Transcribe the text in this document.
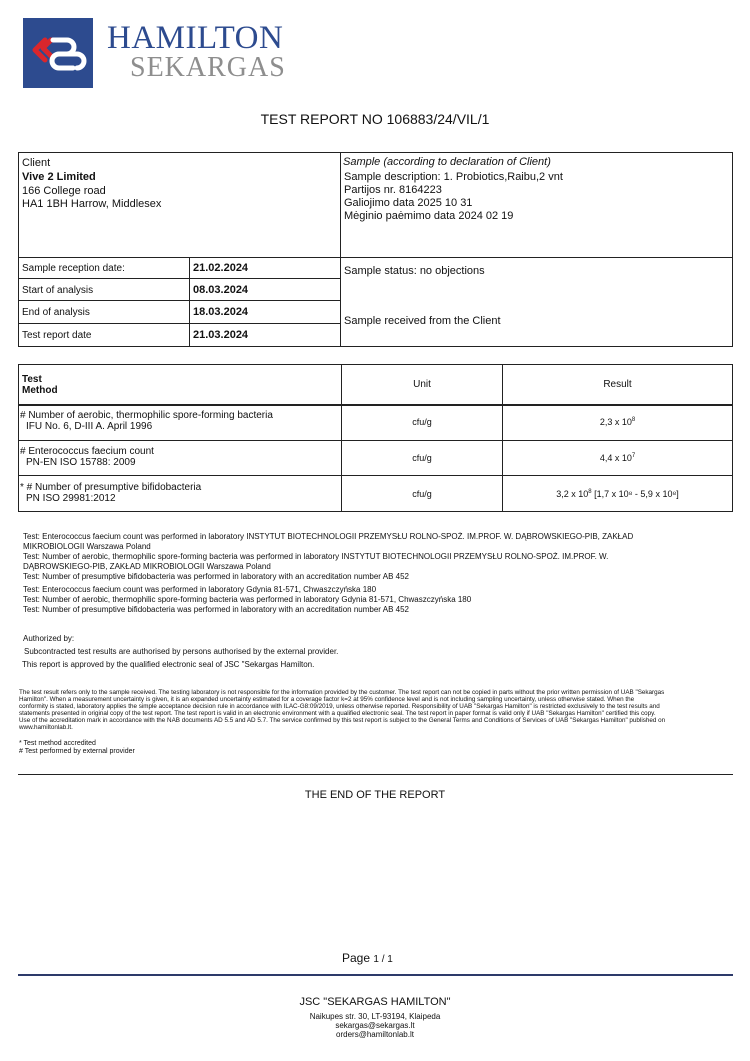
HAMILTON
SEKARGAS
TEST REPORT NO 106883/24/VIL/1
Client
Vive 2 Limited
166 College road
HA1 1BH Harrow, Middlesex
Sample (according to declaration of Client)
Sample description: 1. Probiotics,Raibu,2 vnt
Partijos nr. 8164223
Galiojimo data 2025 10 31
Mėginio paėmimo data 2024 02 19
Sample reception date:	21.02.2024
Start of analysis	08.03.2024
End of analysis	18.03.2024
Test report date	21.03.2024
Sample status: no objections
Sample received from the Client
Test
Method
Unit	Result
# Number of aerobic, thermophilic spore-forming bacteria
IFU No. 6, D-III A. April 1996	cfu/g	2,3 x $10^8$
# Enterococcus faecium count
PN-EN ISO 15788: 2009	cfu/g	4,4 x $10^7$
* # Number of presumptive bifidobacteria
PN ISO 29981:2012	cfu/g	3,2 x $10^8$ [1,7 x 10⁸ - 5,9 x 10⁸]
Test: Enterococcus faecium count was performed in laboratory INSTYTUT BIOTECHNOLOGII PRZEMYSŁU ROLNO-SPOŻ. IM.PROF. W. DĄBROWSKIEGO-PIB, ZAKŁAD
MIKROBIOLOGII Warszawa Poland
Test: Number of aerobic, thermophilic spore-forming bacteria was performed in laboratory INSTYTUT BIOTECHNOLOGII PRZEMYSŁU ROLNO-SPOŻ. IM.PROF. W.
DĄBROWSKIEGO-PIB, ZAKŁAD MIKROBIOLOGII Warszawa Poland
Test: Number of presumptive bifidobacteria was performed in laboratory with an accreditation number AB 452
Test: Enterococcus faecium count was performed in laboratory Gdynia 81-571, Chwaszczyńska 180
Test: Number of aerobic, thermophilic spore-forming bacteria was performed in laboratory Gdynia 81-571, Chwaszczyńska 180
Test: Number of presumptive bifidobacteria was performed in laboratory with an accreditation number AB 452
Authorized by:
Subcontracted test results are authorised by persons authorised by the external provider.
This report is approved by the qualified electronic seal of JSC "Sekargas Hamilton.
The test result refers only to the sample received. The testing laboratory is not responsible for the information provided by the customer. The test report can not be copied in parts without the prior written permission of UAB "Sekargas
Hamilton". When a measurement uncertainty is given, it is an expanded uncertainty estimated for a coverage factor k=2 at 95% confidence level and is not including sampling uncertainty, unless otherwise stated. When the
conformity is stated, laboratory applies the simple acceptance decision rule in accordance with ILAC-G8:09/2019, unless otherwise reported. Responsibility of UAB "Sekargas Hamilton" is restricted exclusively to the test results and
statements presented in original copy of the test report. The test report is valid in an electronic environment with a qualified electronic seal. The test report in paper format is valid only if UAB "Sekargas Hamilton" certified this copy.
Use of the accreditation mark in accordance with the NAB documents AD 5.5 and AD 5.7. The service confirmed by this test report is subject to the General Terms and Conditions of Services of UAB "Sekargas Hamilton" published on
www.hamiltonlab.lt.
* Test method accredited
# Test performed by external provider
THE END OF THE REPORT
Page 1 / 1
JSC "SEKARGAS HAMILTON"
Naikupes str. 30, LT-93194, Klaipeda
sekargas@sekargas.lt
orders@hamiltonlab.lt
